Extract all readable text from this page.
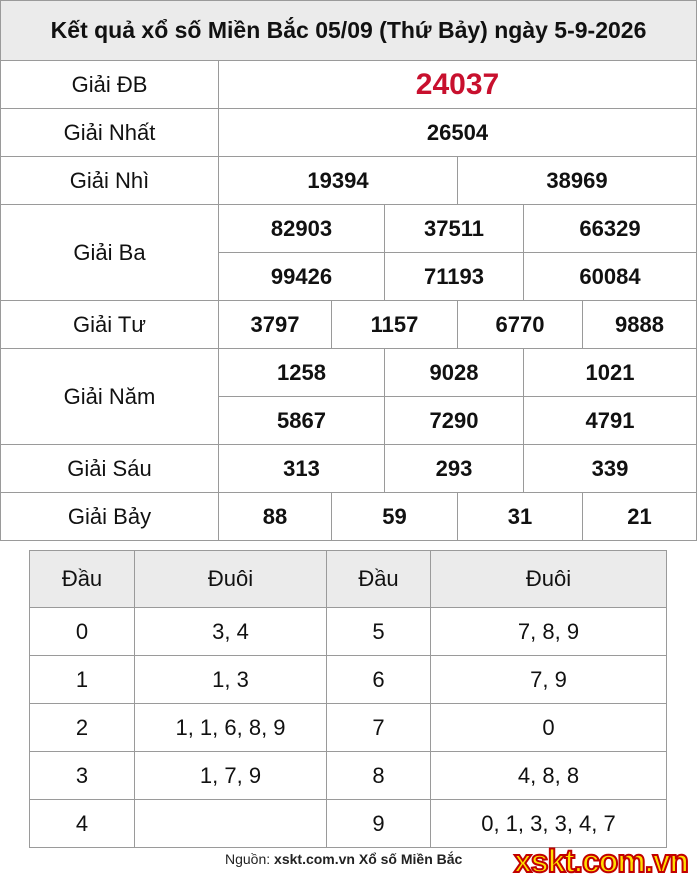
Kết quả xổ số Miền Bắc 05/09 (Thứ Bảy) ngày 5-9-2026						
Giải ĐB	24037					
Giải Nhất	26504					
Giải Nhì	19394			38969		
Giải Ba	82903		37511		66329	
	99426		71193		60084	
Giải Tư	3797	1157		6770		9888
Giải Năm	1258		9028		1021	
	5867		7290		4791	
Giải Sáu	313		293		339	
Giải Bảy	88	59		31		21
Đầu	Đuôi	Đầu	Đuôi
0	3, 4	5	7, 8, 9
1	1, 3	6	7, 9
2	1, 1, 6, 8, 9	7	0
3	1, 7, 9	8	4, 8, 8
4		9	0, 1, 3, 3, 4, 7
Nguồn: xskt.com.vn Xổ số Miền Bắc xskt.com.vn
